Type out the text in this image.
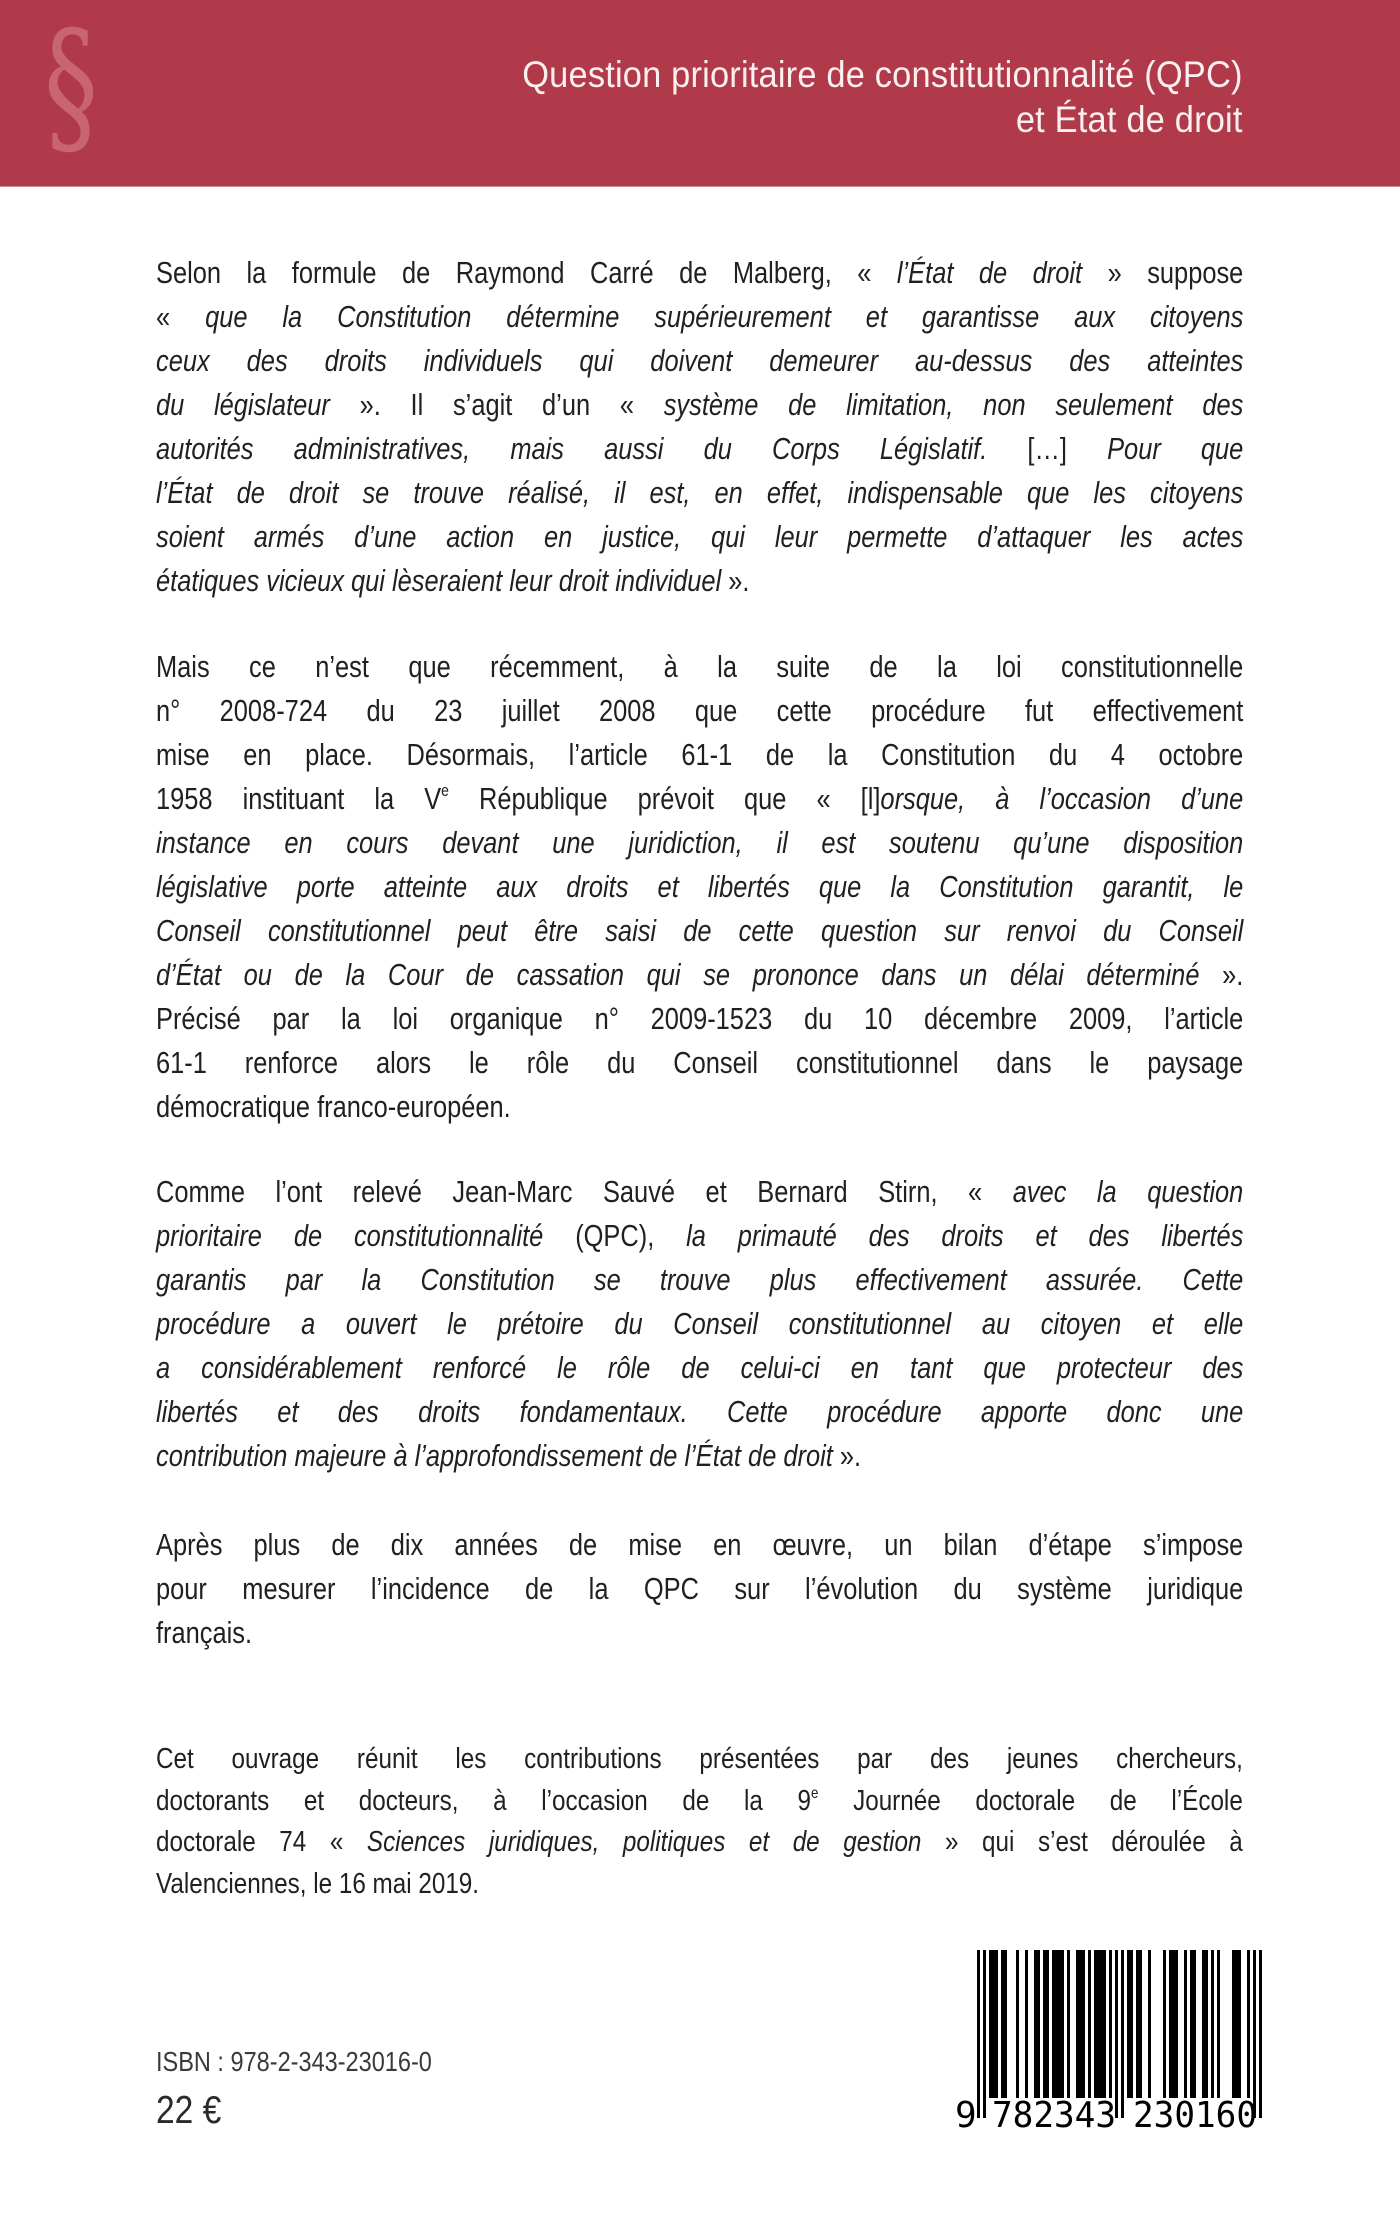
§	Question prioritaire de constitutionnalité (QPC)
et État de droit
Selon la formule de Raymond Carré de Malberg, « l’État de droit » suppose
« que la Constitution détermine supérieurement et garantisse aux citoyens
ceux des droits individuels qui doivent demeurer au-dessus des atteintes
du législateur ». Il s’agit d’un « système de limitation, non seulement des
autorités administratives, mais aussi du Corps Législatif. […] Pour que
l’État de droit se trouve réalisé, il est, en effet, indispensable que les citoyens
soient armés d’une action en justice, qui leur permette d’attaquer les actes
étatiques vicieux qui lèseraient leur droit individuel ».
Mais ce n’est que récemment, à la suite de la loi constitutionnelle
n° 2008-724 du 23 juillet 2008 que cette procédure fut effectivement
mise en place. Désormais, l’article 61-1 de la Constitution du 4 octobre
1958 instituant la Ve République prévoit que « [l]orsque, à l’occasion d’une
instance en cours devant une juridiction, il est soutenu qu’une disposition
législative porte atteinte aux droits et libertés que la Constitution garantit, le
Conseil constitutionnel peut être saisi de cette question sur renvoi du Conseil
d’État ou de la Cour de cassation qui se prononce dans un délai déterminé ».
Précisé par la loi organique n° 2009-1523 du 10 décembre 2009, l’article
61-1 renforce alors le rôle du Conseil constitutionnel dans le paysage
démocratique franco-européen.
Comme l’ont relevé Jean-Marc Sauvé et Bernard Stirn, « avec la question
prioritaire de constitutionnalité (QPC), la primauté des droits et des libertés
garantis par la Constitution se trouve plus effectivement assurée. Cette
procédure a ouvert le prétoire du Conseil constitutionnel au citoyen et elle
a considérablement renforcé le rôle de celui-ci en tant que protecteur des
libertés et des droits fondamentaux. Cette procédure apporte donc une
contribution majeure à l’approfondissement de l’État de droit ».
Après plus de dix années de mise en œuvre, un bilan d’étape s’impose
pour mesurer l’incidence de la QPC sur l’évolution du système juridique
français.
Cet ouvrage réunit les contributions présentées par des jeunes chercheurs,
doctorants et docteurs, à l’occasion de la 9e Journée doctorale de l’École
doctorale 74 « Sciences juridiques, politiques et de gestion » qui s’est déroulée à
Valenciennes, le 16 mai 2019.
ISBN : 978-2-343-23016-0
22 €	9 782343 230160
